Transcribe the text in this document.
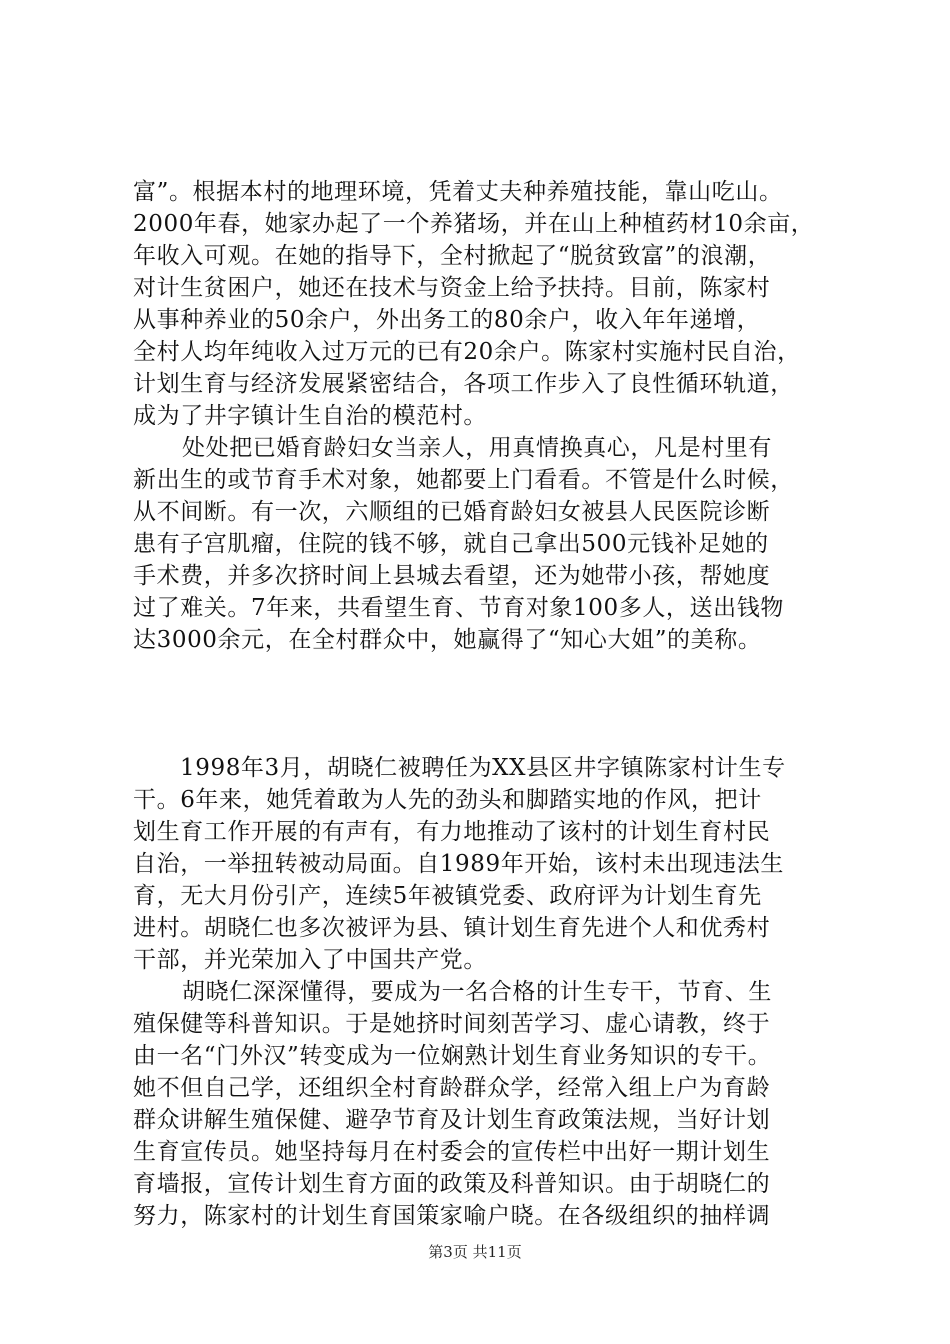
富”。根据本村的地理环境，凭着丈夫种养殖技能，靠山吃山。
2000年春，她家办起了一个养猪场，并在山上种植药材10余亩，
年收入可观。在她的指导下，全村掀起了“脱贫致富”的浪潮，
对计生贫困户，她还在技术与资金上给予扶持。目前，陈家村
从事种养业的50余户，外出务工的80余户，收入年年递增，
全村人均年纯收入过万元的已有20余户。陈家村实施村民自治，
计划生育与经济发展紧密结合，各项工作步入了良性循环轨道，
成为了井字镇计生自治的模范村。
处处把已婚育龄妇女当亲人，用真情换真心，凡是村里有
新出生的或节育手术对象，她都要上门看看。不管是什么时候，
从不间断。有一次，六顺组的已婚育龄妇女被县人民医院诊断
患有子宫肌瘤，住院的钱不够，就自己拿出500元钱补足她的
手术费，并多次挤时间上县城去看望，还为她带小孩，帮她度
过了难关。7年来，共看望生育、节育对象100多人，送出钱物
达3000余元，在全村群众中，她赢得了“知心大姐”的美称。
1998年3月，胡晓仁被聘任为XX县区井字镇陈家村计生专
干。6年来，她凭着敢为人先的劲头和脚踏实地的作风，把计
划生育工作开展的有声有，有力地推动了该村的计划生育村民
自治，一举扭转被动局面。自1989年开始，该村未出现违法生
育，无大月份引产，连续5年被镇党委、政府评为计划生育先
进村。胡晓仁也多次被评为县、镇计划生育先进个人和优秀村
干部，并光荣加入了中国共产党。
胡晓仁深深懂得，要成为一名合格的计生专干，节育、生
殖保健等科普知识。于是她挤时间刻苦学习、虚心请教，终于
由一名“门外汉”转变成为一位娴熟计划生育业务知识的专干。
她不但自己学，还组织全村育龄群众学，经常入组上户为育龄
群众讲解生殖保健、避孕节育及计划生育政策法规，当好计划
生育宣传员。她坚持每月在村委会的宣传栏中出好一期计划生
育墙报，宣传计划生育方面的政策及科普知识。由于胡晓仁的
努力，陈家村的计划生育国策家喻户晓。在各级组织的抽样调
第3页 共11页
